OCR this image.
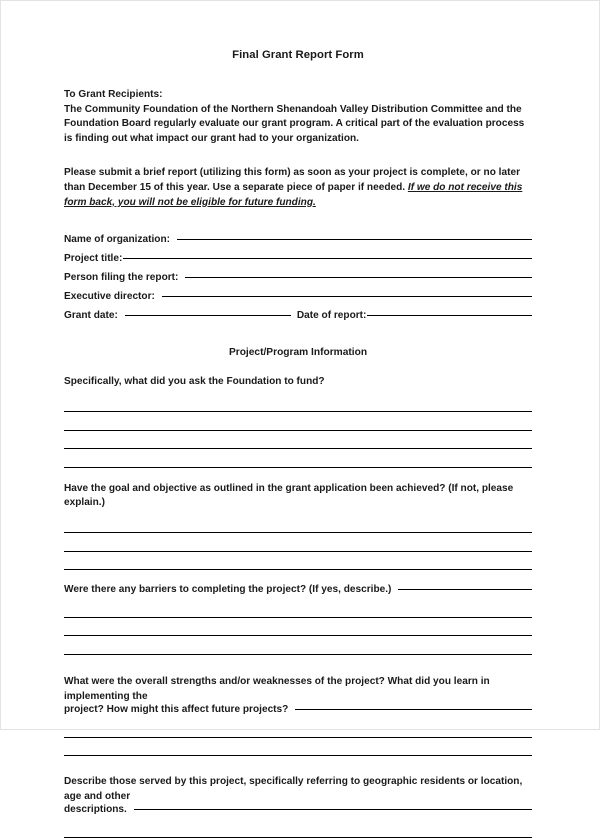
Final Grant Report Form

To Grant Recipients:

The Community Foundation of the Northern Shenandoah Valley Distribution Committee and the Foundation Board regularly evaluate our grant program. A critical part of the evaluation process is finding out what impact our grant had to your organization.

Please submit a brief report (utilizing this form) as soon as your project is complete, or no later than December 15 of this year. Use a separate piece of paper if needed. If we do not receive this form back, you will not be eligible for future funding.

Name of organization:
Project title:
Person filing the report:
Executive director:
Grant date:	Date of report:
Project/Program Information

Specifically, what did you ask the Foundation to fund?

Have the goal and objective as outlined in the grant application been achieved? (If not, please explain.)

Were there any barriers to completing the project? (If yes, describe.)

What were the overall strengths and/or weaknesses of the project? What did you learn in implementing the

project? How might this affect future projects?

Describe those served by this project, specifically referring to geographic residents or location, age and other

descriptions.
